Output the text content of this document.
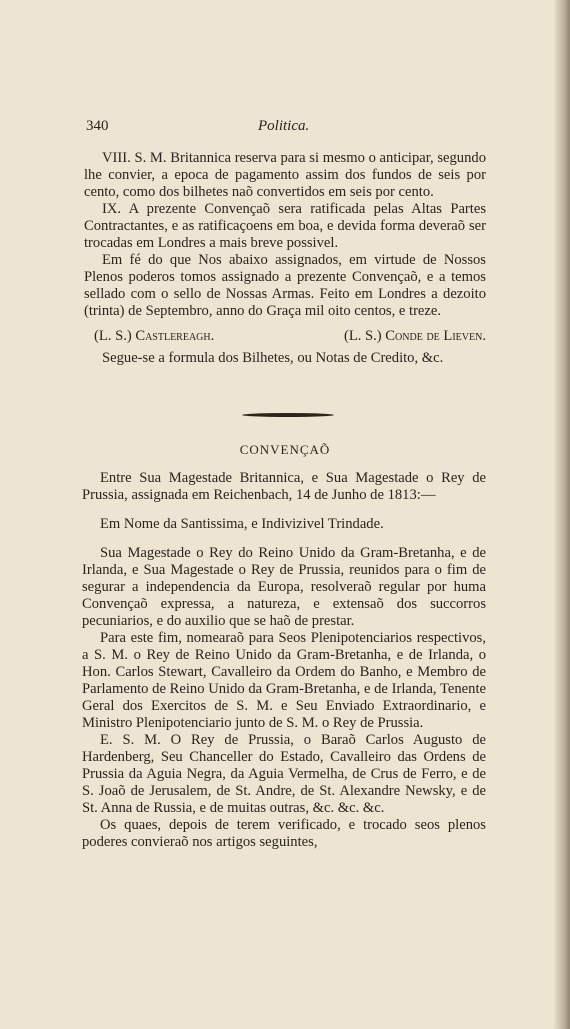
340	Politica.

VIII. S. M. Britannica reserva para si mesmo o anticipar, segundo lhe convier, a epoca de pagamento assim dos fundos de seis por cento, como dos bilhetes naõ convertidos em seis por cento.

IX. A prezente Convençaõ sera ratificada pelas Altas Partes Contractantes, e as ratificaçoens em boa, e devida forma deveraõ ser trocadas em Londres a mais breve possivel.

Em fé do que Nos abaixo assignados, em virtude de Nossos Plenos poderos tomos assignado a prezente Convençaõ, e a temos sellado com o sello de Nossas Armas. Feito em Londres a dezoito (trinta) de Septembro, anno do Graça mil oito centos, e treze.

(L. S.) Castlereagh.	(L. S.) Conde de Lieven.

Segue-se a formula dos Bilhetes, ou Notas de Credito, &c.

CONVENÇAÕ

Entre Sua Magestade Britannica, e Sua Magestade o Rey de Prussia, assignada em Reichenbach, 14 de Junho de 1813:—

Em Nome da Santissima, e Indivizivel Trindade.

Sua Magestade o Rey do Reino Unido da Gram-Bretanha, e de Irlanda, e Sua Magestade o Rey de Prussia, reunidos para o fim de segurar a independencia da Europa, resolveraõ regular por huma Convençaõ expressa, a natureza, e extensaõ dos succorros pecuniarios, e do auxilio que se haõ de prestar.

Para este fim, nomearaõ para Seos Plenipotenciarios respectivos, a S. M. o Rey de Reino Unido da Gram-Bretanha, e de Irlanda, o Hon. Carlos Stewart, Cavalleiro da Ordem do Banho, e Membro de Parlamento de Reino Unido da Gram-Bretanha, e de Irlanda, Tenente Geral dos Exercitos de S. M. e Seu Enviado Extraordinario, e Ministro Plenipotenciario junto de S. M. o Rey de Prussia.

E. S. M. O Rey de Prussia, o Baraõ Carlos Augusto de Hardenberg, Seu Chanceller do Estado, Cavalleiro das Ordens de Prussia da Aguia Negra, da Aguia Vermelha, de Crus de Ferro, e de S. Joaõ de Jerusalem, de St. Andre, de St. Alexandre Newsky, e de St. Anna de Russia, e de muitas outras, &c. &c. &c.

Os quaes, depois de terem verificado, e trocado seos plenos poderes convieraõ nos artigos seguintes,
